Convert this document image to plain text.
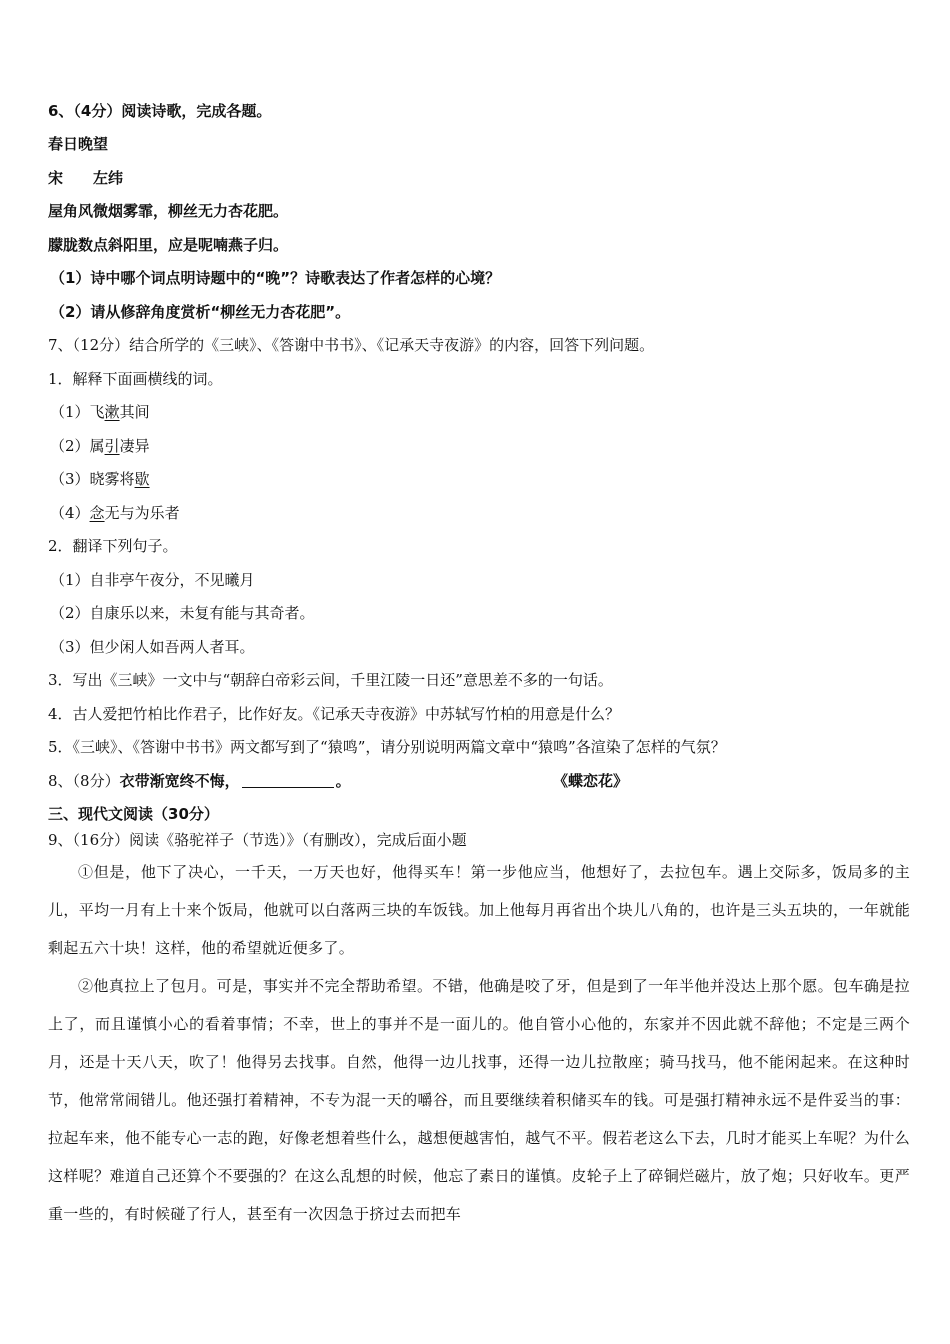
6、（4分）阅读诗歌，完成各题。
春日晚望
宋　　左纬
屋角风微烟雾霏，柳丝无力杏花肥。
朦胧数点斜阳里，应是呢喃燕子归。
（1）诗中哪个词点明诗题中的“晚”？诗歌表达了作者怎样的心境？
（2）请从修辞角度赏析“柳丝无力杏花肥”。
7、（12分）结合所学的《三峡》、《答谢中书书》、《记承天寺夜游》的内容，回答下列问题。
1．解释下面画横线的词。
（1）飞漱其间
（2）属引凄异
（3）晓雾将歇
（4）念无与为乐者
2．翻译下列句子。
（1）自非亭午夜分，不见曦月
（2）自康乐以来，未复有能与其奇者。
（3）但少闲人如吾两人者耳。
3．写出《三峡》一文中与“朝辞白帝彩云间，千里江陵一日还”意思差不多的一句话。
4．古人爱把竹柏比作君子，比作好友。《记承天寺夜游》中苏轼写竹柏的用意是什么？
5．《三峡》、《答谢中书书》两文都写到了“猿鸣”，请分别说明两篇文章中“猿鸣”各渲染了怎样的气氛？
8、（8分）衣带渐宽终不悔，	。	《蝶恋花》
三、现代文阅读（30分）
9、（16分）阅读《骆驼祥子（节选）》（有删改），完成后面小题
①但是，他下了决心，一千天，一万天也好，他得买车！第一步他应当，他想好了，去拉包车。遇上交际多，饭局多的主儿，平均一月有上十来个饭局，他就可以白落两三块的车饭钱。加上他每月再省出个块儿八角的，也许是三头五块的，一年就能剩起五六十块！这样，他的希望就近便多了。
②他真拉上了包月。可是，事实并不完全帮助希望。不错，他确是咬了牙，但是到了一年半他并没达上那个愿。包车确是拉上了，而且谨慎小心的看着事情；不幸，世上的事并不是一面儿的。他自管小心他的，东家并不因此就不辞他；不定是三两个月，还是十天八天，吹了！他得另去找事。自然，他得一边儿找事，还得一边儿拉散座；骑马找马，他不能闲起来。在这种时节，他常常闹错儿。他还强打着精神，不专为混一天的嚼谷，而且要继续着积储买车的钱。可是强打精神永远不是件妥当的事：拉起车来，他不能专心一志的跑，好像老想着些什么，越想便越害怕，越气不平。假若老这么下去，几时才能买上车呢？为什么这样呢？难道自己还算个不要强的？在这么乱想的时候，他忘了素日的谨慎。皮轮子上了碎铜烂磁片，放了炮；只好收车。更严重一些的，有时候碰了行人，甚至有一次因急于挤过去而把车
